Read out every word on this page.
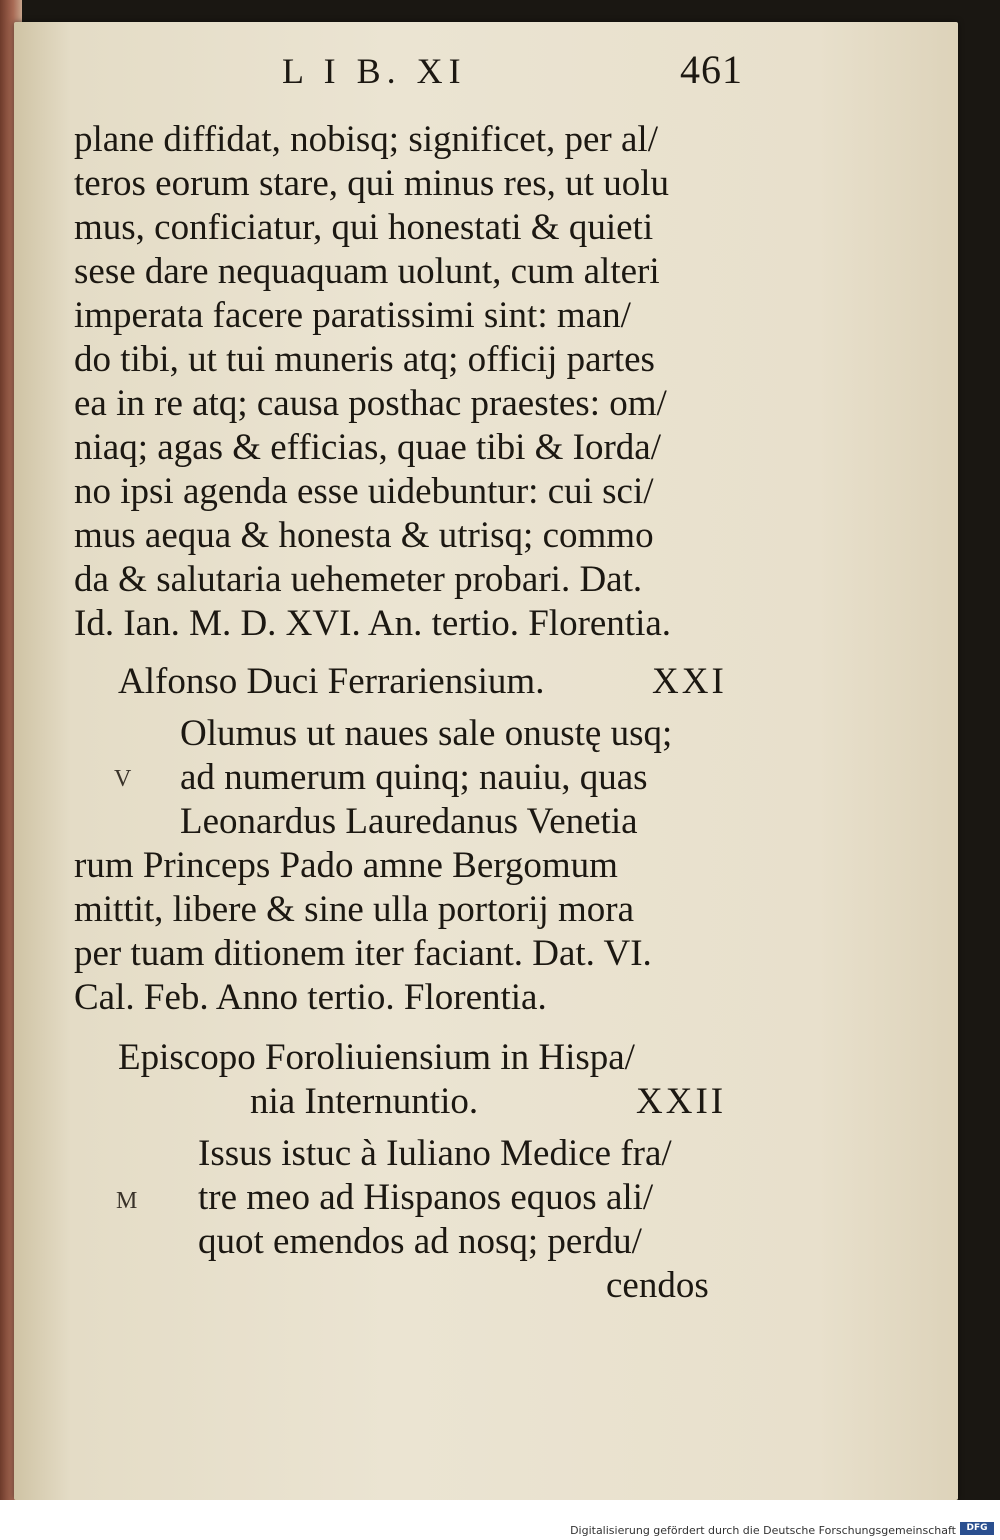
L I B. XI	461
plane diffidat, nobisq; significet, per al/
teros eorum stare, qui minus res, ut uolu
mus, conficiatur, qui honestati & quieti
sese dare nequaquam uolunt, cum alteri
imperata facere paratissimi sint: man/
do tibi, ut tui muneris atq; officij partes
ea in re atq; causa posthac praestes: om/
niaq; agas & efficias, quae tibi & Iorda/
no ipsi agenda esse uidebuntur: cui sci/
mus aequa & honesta & utrisq; commo
da & salutaria uehemeter probari. Dat.
Id. Ian. M. D. XVI. An. tertio. Florentia.
Alfonso Duci Ferrariensium.	XXI
Olumus ut naues sale onustę usq;
ad numerum quinq; nauiu, quas
Leonardus Lauredanus Venetia
rum Princeps Pado amne Bergomum
mittit, libere & sine ulla portorij mora
per tuam ditionem iter faciant. Dat. VI.
Cal. Feb. Anno tertio. Florentia.
Episcopo Foroliuiensium in Hispa/
nia Internuntio.	XXII
Issus istuc à Iuliano Medice fra/
tre meo ad Hispanos equos ali/
quot emendos ad nosq; perdu/
cendos
V
M
Digitalisierung gefördert durch die Deutsche Forschungsgemeinschaft	DFG
